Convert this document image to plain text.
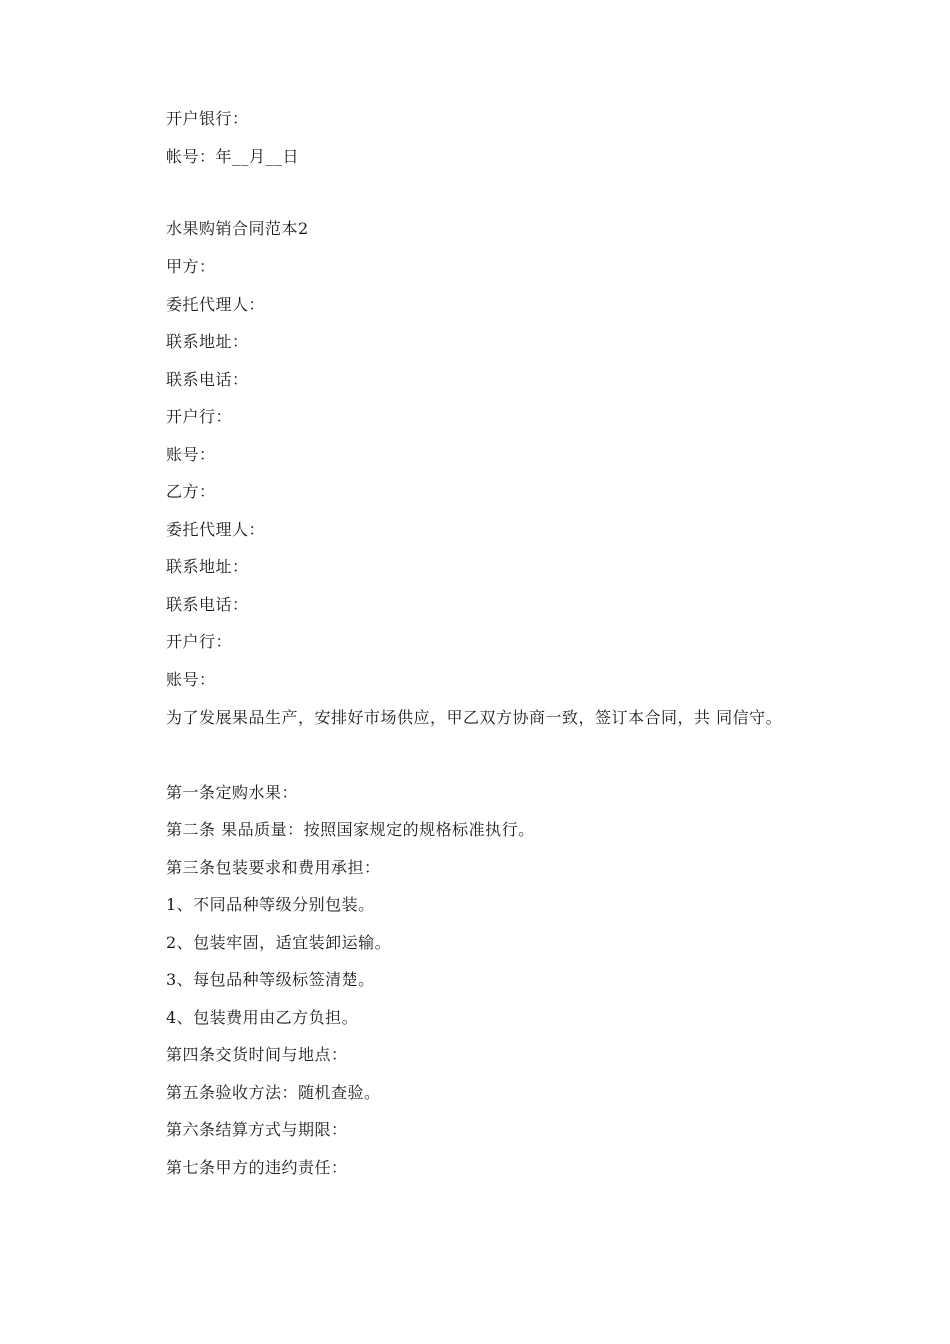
开户银行：
帐号：年__月__日
水果购销合同范本2
甲方：
委托代理人：
联系地址：
联系电话：
开户行：
账号：
乙方：
委托代理人：
联系地址：
联系电话：
开户行：
账号：
为了发展果品生产，安排好市场供应，甲乙双方协商一致，签订本合同，共 同信守。
第一条定购水果：
第二条 果品质量：按照国家规定的规格标准执行。
第三条包装要求和费用承担：
1、不同品种等级分别包装。
2、包装牢固，适宜装卸运输。
3、每包品种等级标签清楚。
4、包装费用由乙方负担。
第四条交货时间与地点：
第五条验收方法：随机查验。
第六条结算方式与期限：
第七条甲方的违约责任：
